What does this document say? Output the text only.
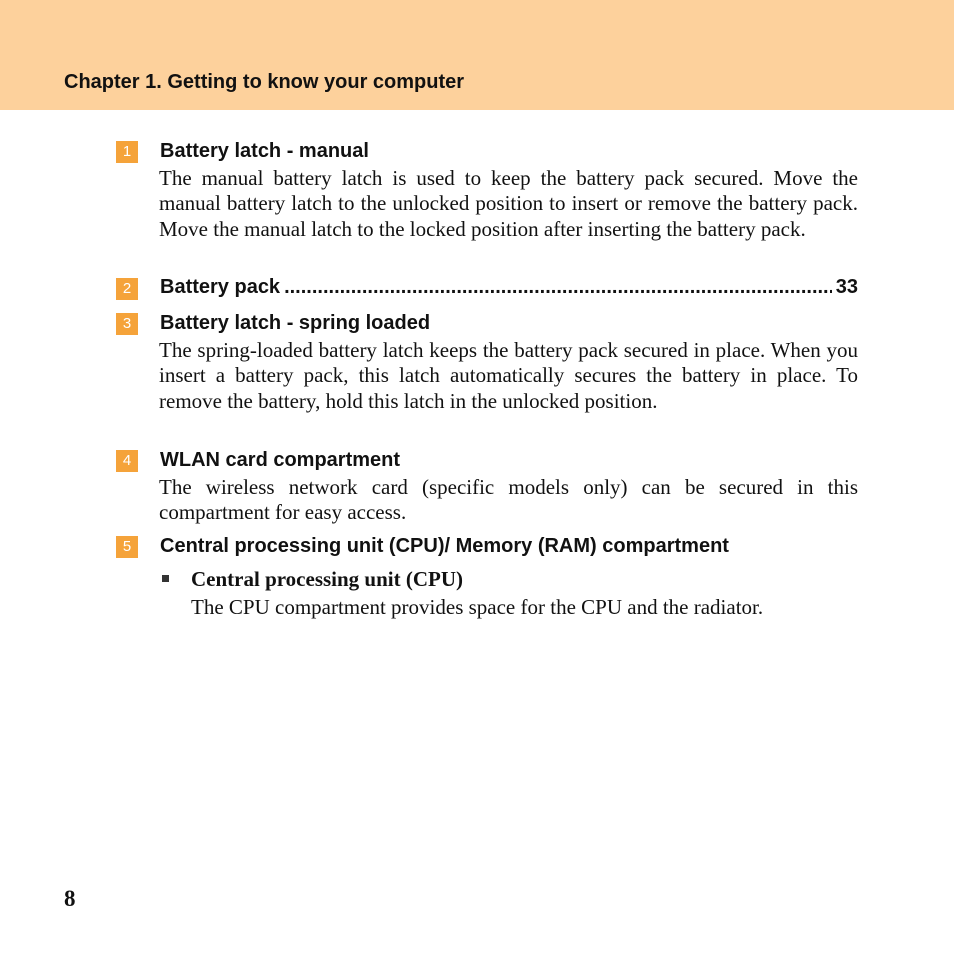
Chapter 1. Getting to know your computer
1	Battery latch - manual
The manual battery latch is used to keep the battery pack secured. Move the manual battery latch to the unlocked position to insert or remove the battery pack. Move the manual latch to the locked position after inserting the battery pack.
2	Battery pack
.....	33
3	Battery latch - spring loaded
The spring-loaded battery latch keeps the battery pack secured in place. When you insert a battery pack, this latch automatically secures the battery in place. To remove the battery, hold this latch in the unlocked position.
4	WLAN card compartment
The wireless network card (specific models only) can be secured in this compartment for easy access.
5	Central processing unit (CPU)/ Memory (RAM) compartment
Central processing unit (CPU)
The CPU compartment provides space for the CPU and the radiator.
8
